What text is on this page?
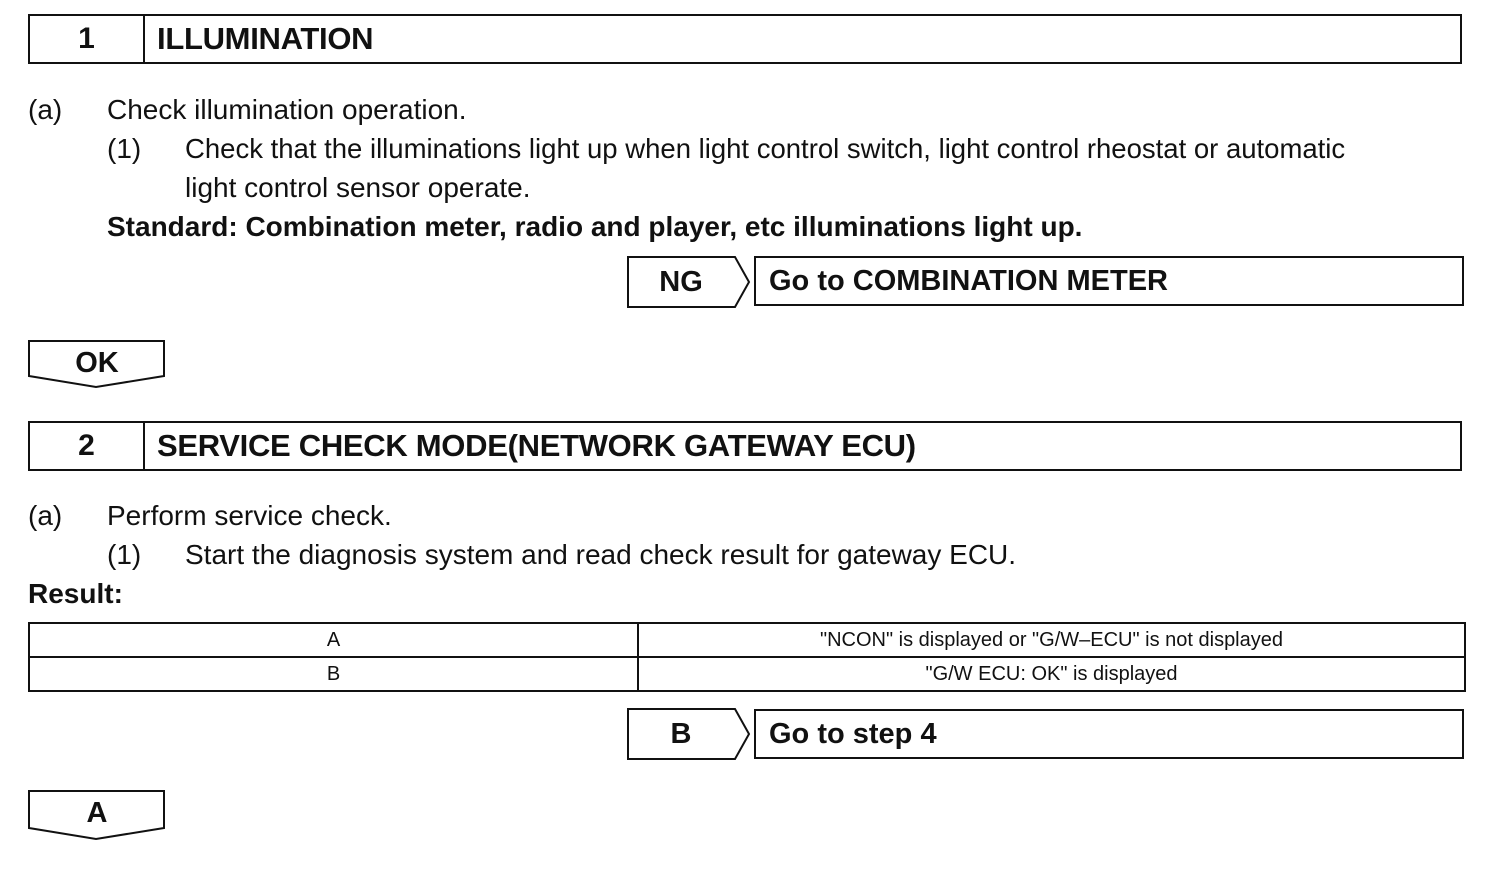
1	ILLUMINATION
(a) Check illumination operation.
(1) Check that the illuminations light up when light control switch, light control rheostat or automatic
light control sensor operate.
Standard: Combination meter, radio and player, etc illuminations light up.
NG	Go to COMBINATION METER
OK
2	SERVICE CHECK MODE(NETWORK GATEWAY ECU)
(a) Perform service check.
(1) Start the diagnosis system and read check result for gateway ECU.
Result:
A	"NCON" is displayed or "G/W–ECU" is not displayed
B	"G/W ECU: OK" is displayed
B	Go to step 4
A
